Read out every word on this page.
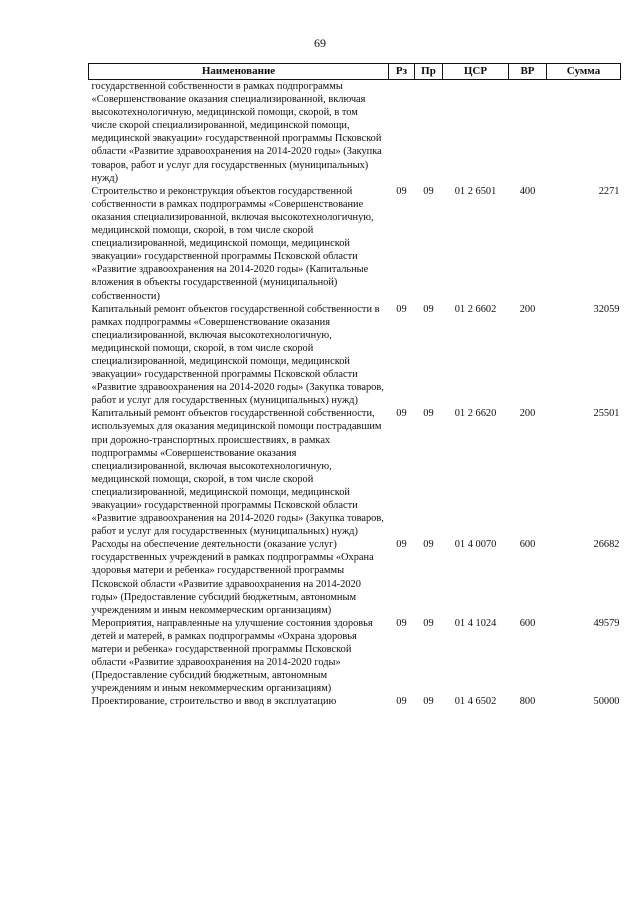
69
Наименование	Рз	Пр	ЦСР	ВР	Сумма
государственной собственности в рамках подпрограммы «Совершенствование оказания специализированной, включая высокотехнологичную, медицинской помощи, скорой, в том числе скорой специализированной, медицинской помощи, медицинской эвакуации» государственной программы Псковской области «Развитие здравоохранения на 2014-2020 годы» (Закупка товаров, работ и услуг для государственных (муниципальных) нужд)					
Строительство и реконструкция объектов государственной собственности в рамках подпрограммы «Совершенствование оказания специализированной, включая высокотехнологичную, медицинской помощи, скорой, в том числе скорой специализированной, медицинской помощи, медицинской эвакуации» государственной программы Псковской области «Развитие здравоохранения на 2014-2020 годы» (Капитальные вложения в объекты государственной (муниципальной) собственности)	09	09	01 2 6501	400	2271
Капитальный ремонт объектов государственной собственности в рамках подпрограммы «Совершенствование оказания специализированной, включая высокотехнологичную, медицинской помощи, скорой, в том числе скорой специализированной, медицинской помощи, медицинской эвакуации» государственной программы Псковской области «Развитие здравоохранения на 2014-2020 годы» (Закупка товаров, работ и услуг для государственных (муниципальных) нужд)	09	09	01 2 6602	200	32059
Капитальный ремонт объектов государственной собственности, используемых для оказания медицинской помощи пострадавшим при дорожно-транспортных происшествиях, в рамках подпрограммы «Совершенствование оказания специализированной, включая высокотехнологичную, медицинской помощи, скорой, в том числе скорой специализированной, медицинской помощи, медицинской эвакуации» государственной программы Псковской области «Развитие здравоохранения на 2014-2020 годы» (Закупка товаров, работ и услуг для государственных (муниципальных) нужд)	09	09	01 2 6620	200	25501
Расходы на обеспечение деятельности (оказание услуг) государственных учреждений в рамках подпрограммы «Охрана здоровья матери и ребенка» государственной программы Псковской области «Развитие здравоохранения на 2014-2020 годы» (Предоставление субсидий бюджетным, автономным учреждениям и иным некоммерческим организациям)	09	09	01 4 0070	600	26682
Мероприятия, направленные на улучшение состояния здоровья детей и матерей, в рамках подпрограммы «Охрана здоровья матери и ребенка» государственной программы Псковской области «Развитие здравоохранения на 2014-2020 годы» (Предоставление субсидий бюджетным, автономным учреждениям и иным некоммерческим организациям)	09	09	01 4 1024	600	49579
Проектирование, строительство и ввод в эксплуатацию	09	09	01 4 6502	800	50000
